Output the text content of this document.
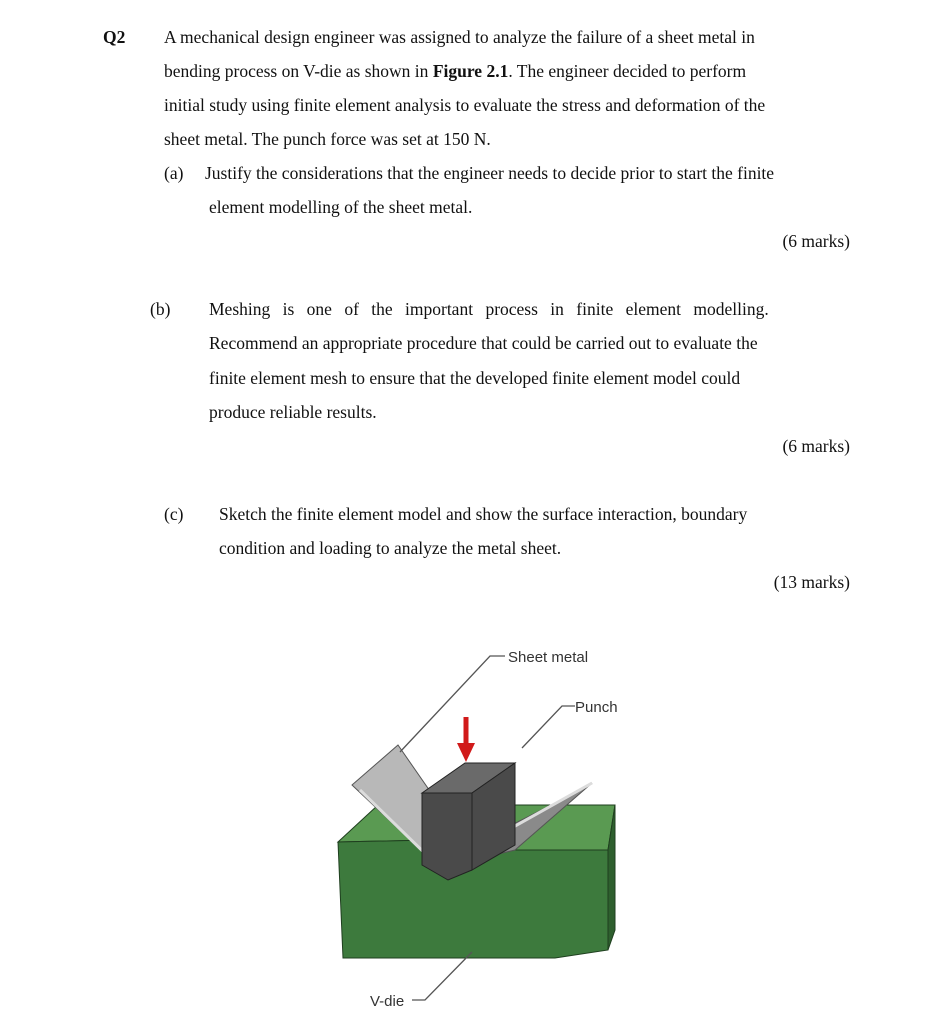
Q2 A mechanical design engineer was assigned to analyze the failure of a sheet metal in
bending process on V-die as shown in Figure 2.1. The engineer decided to perform
initial study using finite element analysis to evaluate the stress and deformation of the
sheet metal. The punch force was set at 150 N.
(a) Justify the considerations that the engineer needs to decide prior to start the finite
element modelling of the sheet metal.
(6 marks)
(b) Meshing is one of the important process in finite element modelling.
Recommend an appropriate procedure that could be carried out to evaluate the
finite element mesh to ensure that the developed finite element model could
produce reliable results.
(6 marks)
(c) Sketch the finite element model and show the surface interaction, boundary
condition and loading to analyze the metal sheet.
(13 marks)
Sheet metal
Punch
V-die
